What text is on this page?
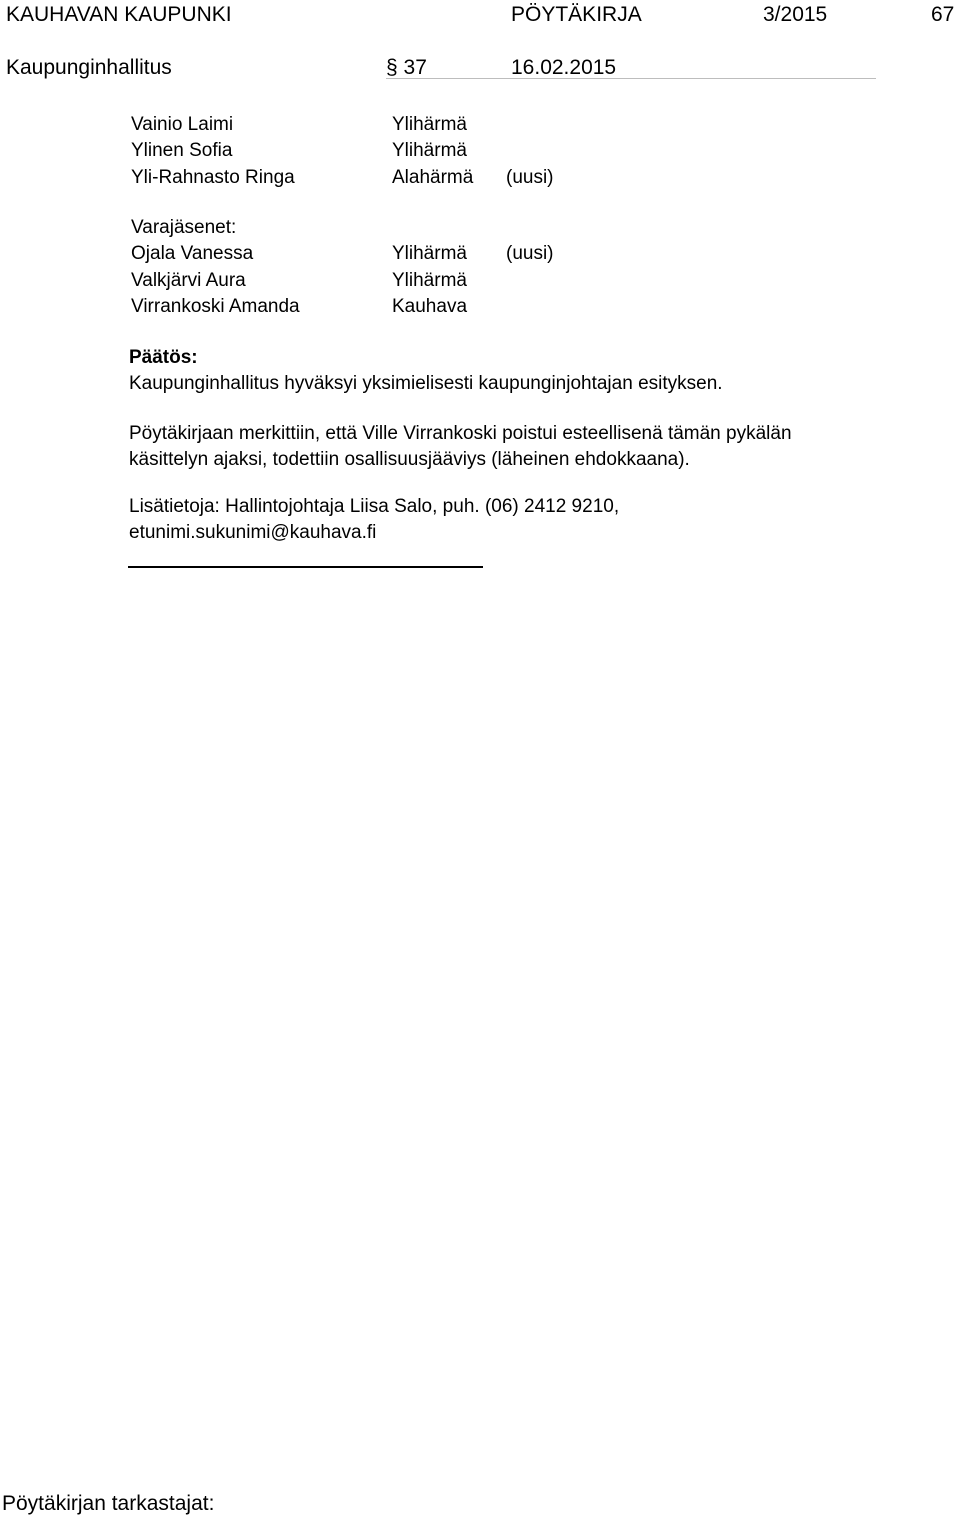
KAUHAVAN KAUPUNKI	PÖYTÄKIRJA	3/2015	67
Kaupunginhallitus	§ 37	16.02.2015
Vainio Laimi	Ylihärmä
Ylinen Sofia	Ylihärmä
Yli-Rahnasto Ringa	Alahärmä (uusi)
Varajäsenet:
Ojala Vanessa	Ylihärmä (uusi)
Valkjärvi Aura	Ylihärmä
Virrankoski Amanda	Kauhava
Päätös:
Kaupunginhallitus hyväksyi yksimielisesti kaupunginjohtajan esityksen.
Pöytäkirjaan merkittiin, että Ville Virrankoski poistui esteellisenä tämän pykälän
käsittelyn ajaksi, todettiin osallisuusjääviys (läheinen ehdokkaana).
Lisätietoja: Hallintojohtaja Liisa Salo, puh. (06) 2412 9210,
etunimi.sukunimi@kauhava.fi
Pöytäkirjan tarkastajat:
